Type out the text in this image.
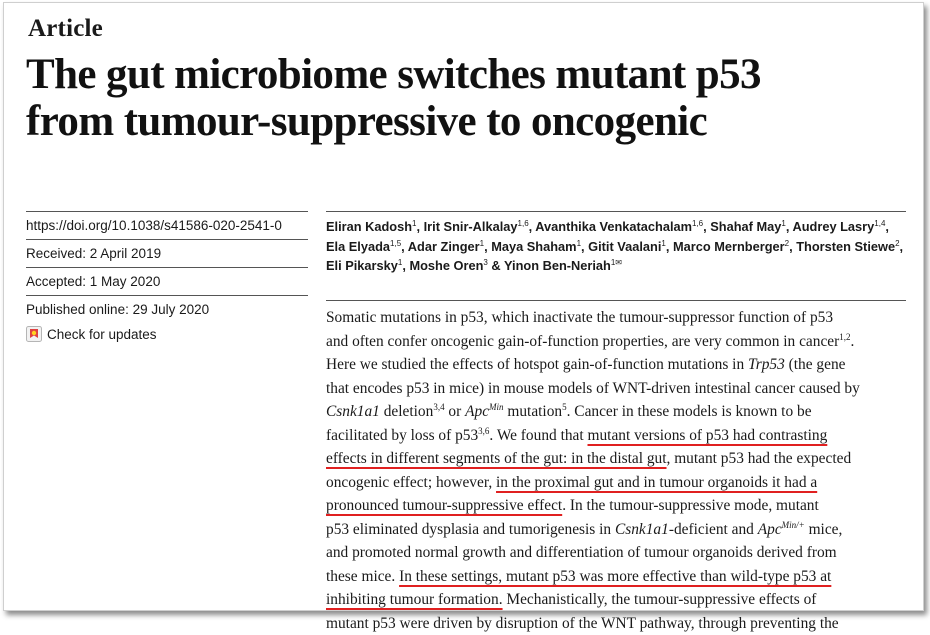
Article
The gut microbiome switches mutant p53
from tumour-suppressive to oncogenic
https://doi.org/10.1038/s41586-020-2541-0
Received: 2 April 2019
Accepted: 1 May 2020
Published online: 29 July 2020
Check for updates
Eliran Kadosh$^1$, Irit Snir-Alkalay$^{1,6}$, Avanthika Venkatachalam$^{1,6}$, Shahaf May$^1$, Audrey Lasry$^{1,4}$, Ela Elyada$^{1,5}$, Adar Zinger$^1$, Maya Shaham$^1$, Gitit Vaalani$^1$, Marco Mernberger$^2$, Thorsten Stiewe$^2$, Eli Pikarsky$^1$, Moshe Oren$^3$ & Yinon Ben-Neriah$^{1✉}$
Somatic mutations in p53, which inactivate the tumour-suppressor function of p53
and often confer oncogenic gain-of-function properties, are very common in cancer$^{1,2}$.
Here we studied the effects of hotspot gain-of-function mutations in Trp53 (the gene
that encodes p53 in mice) in mouse models of WNT-driven intestinal cancer caused by
Csnk1a1 deletion$^{3,4}$ or Apc$^{Min}$ mutation$^5$. Cancer in these models is known to be
facilitated by loss of p53$^{3,6}$. We found that mutant versions of p53 had contrasting
effects in different segments of the gut: in the distal gut, mutant p53 had the expected
oncogenic effect; however, in the proximal gut and in tumour organoids it had a
pronounced tumour-suppressive effect. In the tumour-suppressive mode, mutant
p53 eliminated dysplasia and tumorigenesis in Csnk1a1-deficient and Apc$^{Min/+}$ mice,
and promoted normal growth and differentiation of tumour organoids derived from
these mice. In these settings, mutant p53 was more effective than wild-type p53 at
inhibiting tumour formation. Mechanistically, the tumour-suppressive effects of
mutant p53 were driven by disruption of the WNT pathway, through preventing the
